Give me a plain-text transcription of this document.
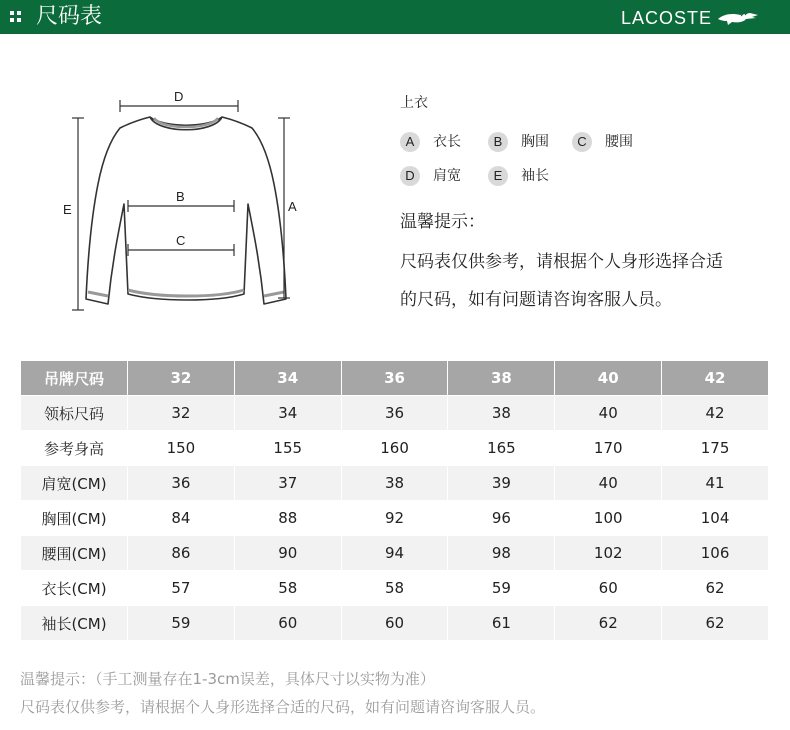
尺码表	LACOSTE
D
B
C
E	A
上衣
A	衣长	B	胸围	C	腰围
D	肩宽	E	袖长
温馨提示：
尺码表仅供参考，请根据个人身形选择合适
的尺码，如有问题请咨询客服人员。
吊牌尺码	32	34	36	38	40	42
领标尺码	32	34	36	38	40	42
参考身高	150	155	160	165	170	175
肩宽(CM)	36	37	38	39	40	41
胸围(CM)	84	88	92	96	100	104
腰围(CM)	86	90	94	98	102	106
衣长(CM)	57	58	58	59	60	62
袖长(CM)	59	60	60	61	62	62
温馨提示：（手工测量存在1-3cm误差，具体尺寸以实物为准）
尺码表仅供参考，请根据个人身形选择合适的尺码，如有问题请咨询客服人员。
